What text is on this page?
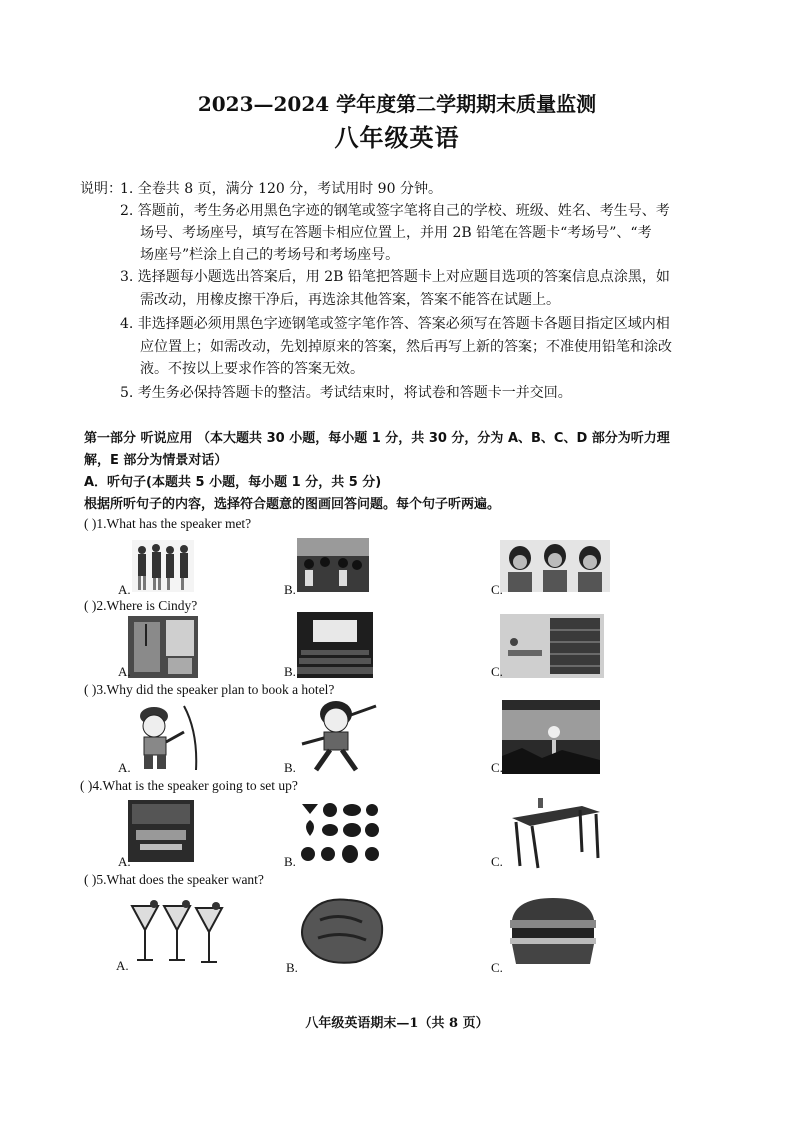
2023—2024 学年度第二学期期末质量监测
八年级英语
说明：
1. 全卷共 8 页，满分 120 分，考试用时 90 分钟。
2. 答题前，考生务必用黑色字迹的钢笔或签字笔将自己的学校、班级、姓名、考生号、考
场号、考场座号，填写在答题卡相应位置上，并用 2B 铅笔在答题卡“考场号”、“考
场座号”栏涂上自己的考场号和考场座号。
3. 选择题每小题选出答案后，用 2B 铅笔把答题卡上对应题目选项的答案信息点涂黑，如
需改动，用橡皮擦干净后，再选涂其他答案，答案不能答在试题上。
4. 非选择题必须用黑色字迹钢笔或签字笔作答、答案必须写在答题卡各题目指定区域内相
应位置上；如需改动，先划掉原来的答案，然后再写上新的答案；不准使用铅笔和涂改
液。不按以上要求作答的答案无效。
5. 考生务必保持答题卡的整洁。考试结束时，将试卷和答题卡一并交回。
第一部分 听说应用 （本大题共 30 小题，每小题 1 分，共 30 分，分为 A、B、C、D 部分为听力理
解，E 部分为情景对话）
A．听句子(本题共 5 小题，每小题 1 分，共 5 分)
根据所听句子的内容，选择符合题意的图画回答问题。每个句子听两遍。
( )1.What has the speaker met?
A.	B.	C.
( )2.Where is Cindy?
A.	B.	C.
( )3.Why did the speaker plan to book a hotel?
A.	B.	C.
( )4.What is the speaker going to set up?
A.	B.	C.
( )5.What does the speaker want?
A.	B.	C.
八年级英语期末—1（共 8 页）
